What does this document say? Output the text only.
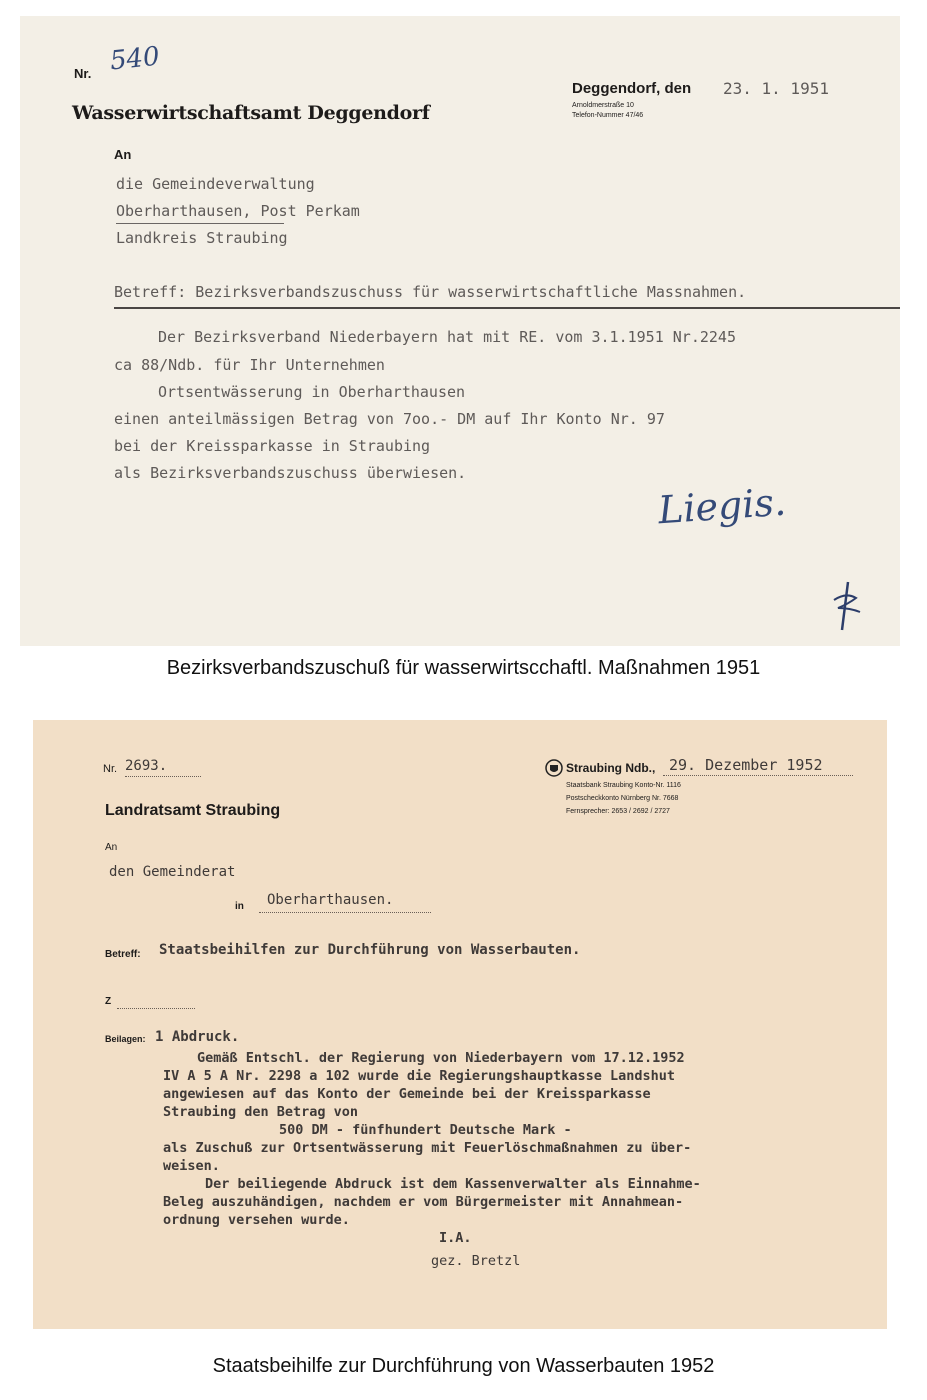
Nr. 540
Wasserwirtschaftsamt Deggendorf
Deggendorf, den 23. 1. 1951
Arnoldmerstraße 10
Telefon-Nummer 47/46
An
die Gemeindeverwaltung
Oberharthausen, Post Perkam
Landkreis Straubing
Betreff: Bezirksverbandszuschuss für wasserwirtschaftliche Massnahmen.
Der Bezirksverband Niederbayern hat mit RE. vom 3.1.1951 Nr.2245
ca 88/Ndb. für Ihr Unternehmen
Ortsentwässerung in Oberharthausen
einen anteilmässigen Betrag von 7oo.- DM auf Ihr Konto Nr. 97
bei der Kreissparkasse in Straubing
als Bezirksverbandszuschuss überwiesen.
Liegis.
Bezirksverbandszuschuß für wasserwirtscchaftl. Maßnahmen 1951
Nr. 2693.
Landratsamt Straubing
Straubing Ndb., 29. Dezember 1952
Staatsbank Straubing Konto-Nr. 1116
Postscheckkonto Nürnberg Nr. 7668
Fernsprecher: 2653 / 2692 / 2727
An
den Gemeinderat
in Oberharthausen.
Betreff: Staatsbeihilfen zur Durchführung von Wasserbauten.
Z
Beilagen: 1 Abdruck.
Gemäß Entschl. der Regierung von Niederbayern vom 17.12.1952
IV A 5 A Nr. 2298 a 102 wurde die Regierungshauptkasse Landshut
angewiesen auf das Konto der Gemeinde bei der Kreissparkasse
Straubing den Betrag von
500 DM - fünfhundert Deutsche Mark -
als Zuschuß zur Ortsentwässerung mit Feuerlöschmaßnahmen zu über-
weisen.
Der beiliegende Abdruck ist dem Kassenverwalter als Einnahme-
Beleg auszuhändigen, nachdem er vom Bürgermeister mit Annahmean-
ordnung versehen wurde.
I.A.
gez. Bretzl
Staatsbeihilfe zur Durchführung von Wasserbauten 1952
